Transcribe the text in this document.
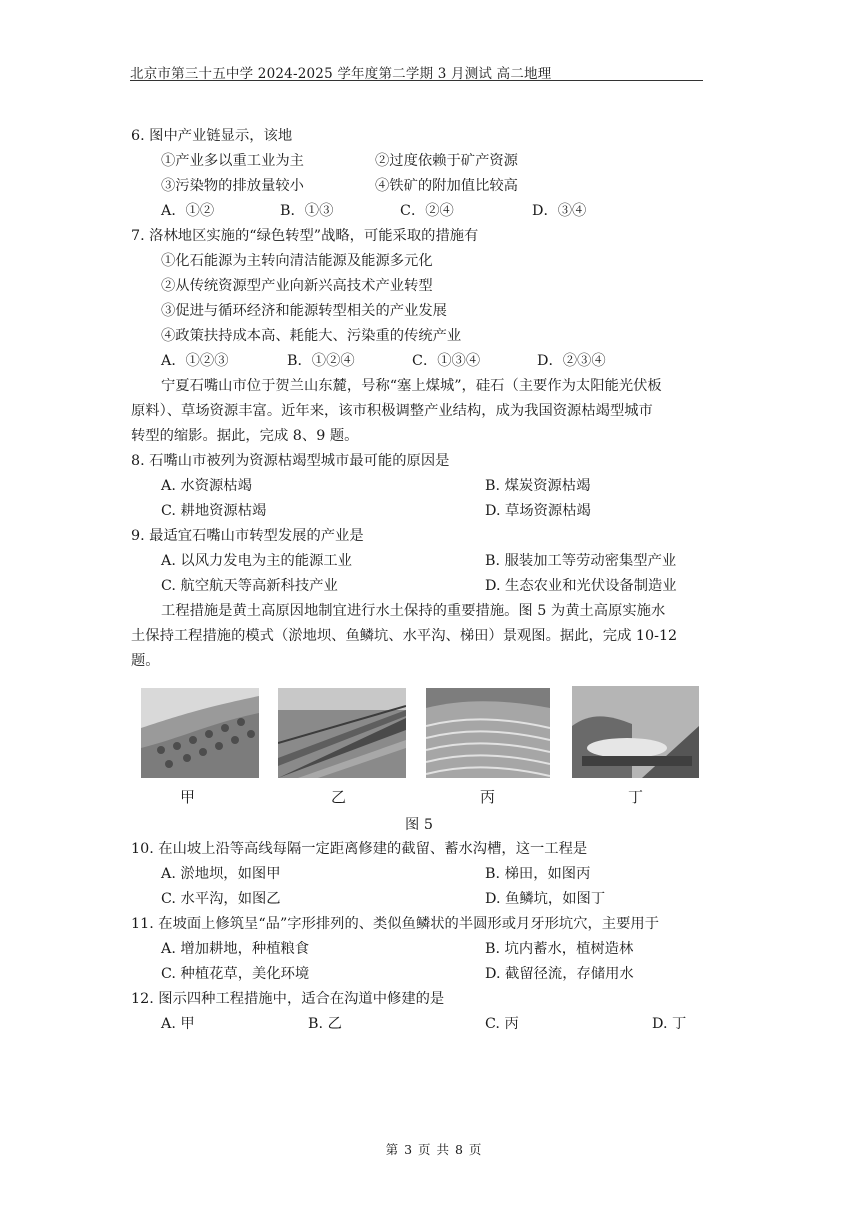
北京市第三十五中学 2024-2025 学年度第二学期 3 月测试 高二地理
6. 图中产业链显示，该地
①产业多以重工业为主	②过度依赖于矿产资源
③污染物的排放量较小	④铁矿的附加值比较高
A．①②	B．①③	C．②④	D．③④
7. 洛林地区实施的“绿色转型”战略，可能采取的措施有
①化石能源为主转向清洁能源及能源多元化
②从传统资源型产业向新兴高技术产业转型
③促进与循环经济和能源转型相关的产业发展
④政策扶持成本高、耗能大、污染重的传统产业
A．①②③	B．①②④	C．①③④	D．②③④
宁夏石嘴山市位于贺兰山东麓，号称“塞上煤城”，硅石（主要作为太阳能光伏板
原料）、草场资源丰富。近年来，该市积极调整产业结构，成为我国资源枯竭型城市
转型的缩影。据此，完成 8、9 题。
8. 石嘴山市被列为资源枯竭型城市最可能的原因是
A. 水资源枯竭	B. 煤炭资源枯竭
C. 耕地资源枯竭	D. 草场资源枯竭
9. 最适宜石嘴山市转型发展的产业是
A. 以风力发电为主的能源工业	B. 服装加工等劳动密集型产业
C. 航空航天等高新科技产业	D. 生态农业和光伏设备制造业
工程措施是黄土高原因地制宜进行水土保持的重要措施。图 5 为黄土高原实施水
土保持工程措施的模式（淤地坝、鱼鳞坑、水平沟、梯田）景观图。据此，完成 10-12
题。
甲	乙	丙	丁
图 5
10. 在山坡上沿等高线每隔一定距离修建的截留、蓄水沟槽，这一工程是
A. 淤地坝，如图甲	B. 梯田，如图丙
C. 水平沟，如图乙	D. 鱼鳞坑，如图丁
11. 在坡面上修筑呈“品”字形排列的、类似鱼鳞状的半圆形或月牙形坑穴，主要用于
A. 增加耕地，种植粮食	B. 坑内蓄水，植树造林
C. 种植花草，美化环境	D. 截留径流，存储用水
12. 图示四种工程措施中，适合在沟道中修建的是
A. 甲	B. 乙	C. 丙	D. 丁
第 3 页 共 8 页
